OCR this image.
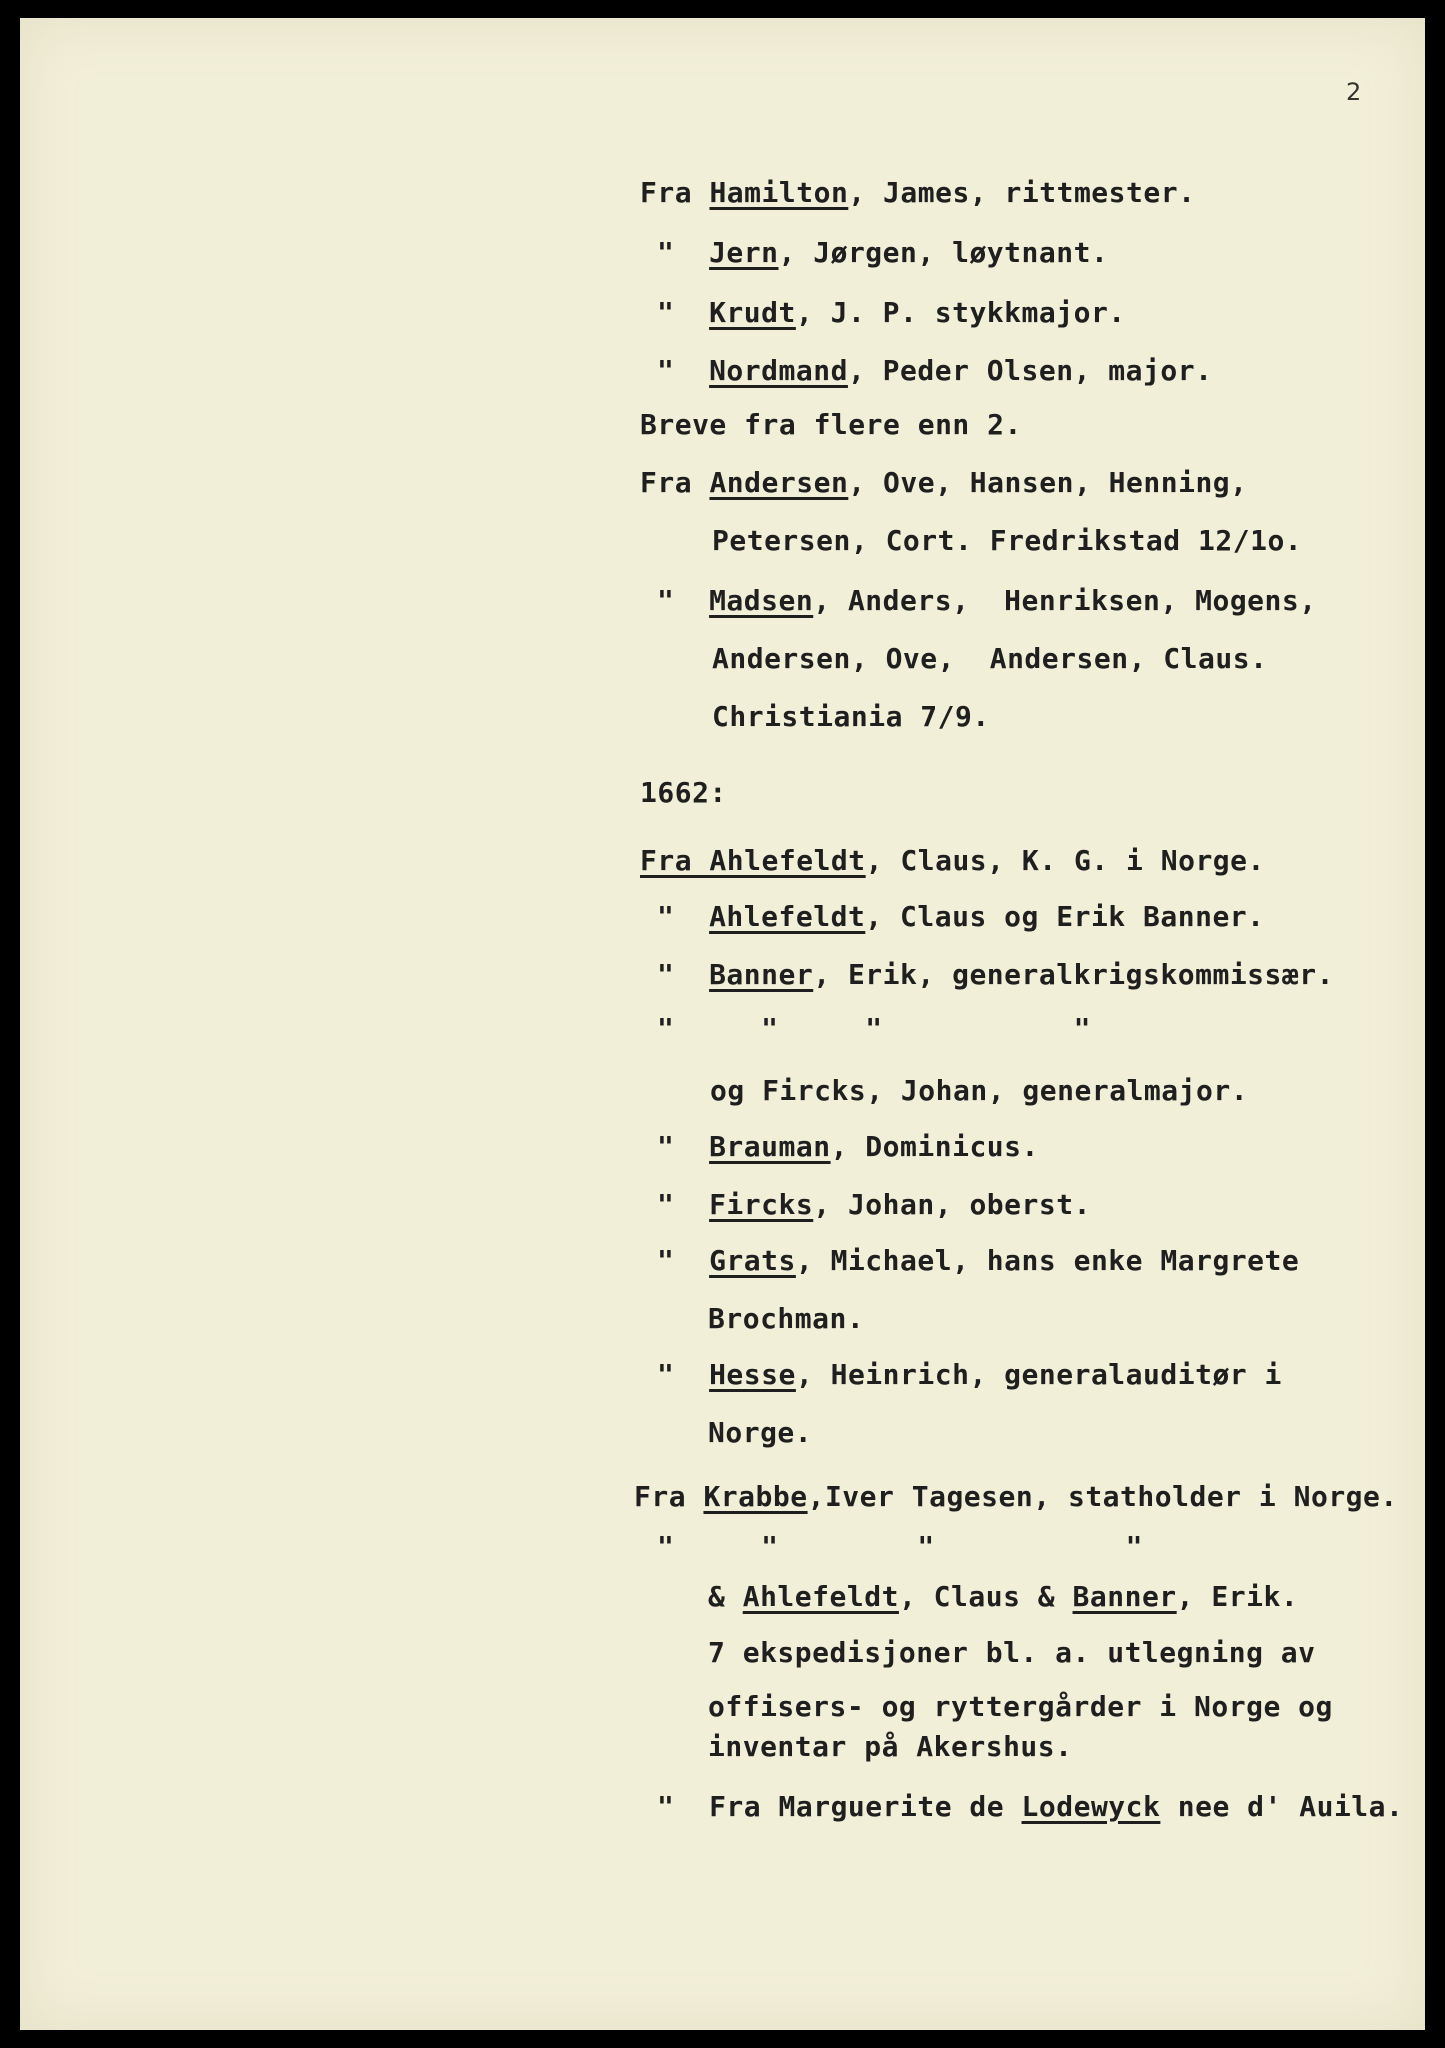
2
Fra Hamilton, James, rittmester.
"  Jern, Jørgen, løytnant.
"  Krudt, J. P. stykkmajor.
"  Nordmand, Peder Olsen, major.
Breve fra flere enn 2.
Fra Andersen, Ove, Hansen, Henning,
Petersen, Cort. Fredrikstad 12/1o.
"  Madsen, Anders,  Henriksen, Mogens,
Andersen, Ove,  Andersen, Claus.
Christiania 7/9.
1662:
Fra Ahlefeldt, Claus, K. G. i Norge.
"  Ahlefeldt, Claus og Erik Banner.
"  Banner, Erik, generalkrigskommissær.
"     "     "           "
og Fircks, Johan, generalmajor.
"  Brauman, Dominicus.
"  Fircks, Johan, oberst.
"  Grats, Michael, hans enke Margrete
Brochman.
"  Hesse, Heinrich, generalauditør i
Norge.
Fra Krabbe,Iver Tagesen, statholder i Norge.
"     "        "           "
& Ahlefeldt, Claus & Banner, Erik.
7 ekspedisjoner bl. a. utlegning av
offisers- og ryttergårder i Norge og
inventar på Akershus.
"  Fra Marguerite de Lodewyck nee d' Auila.
